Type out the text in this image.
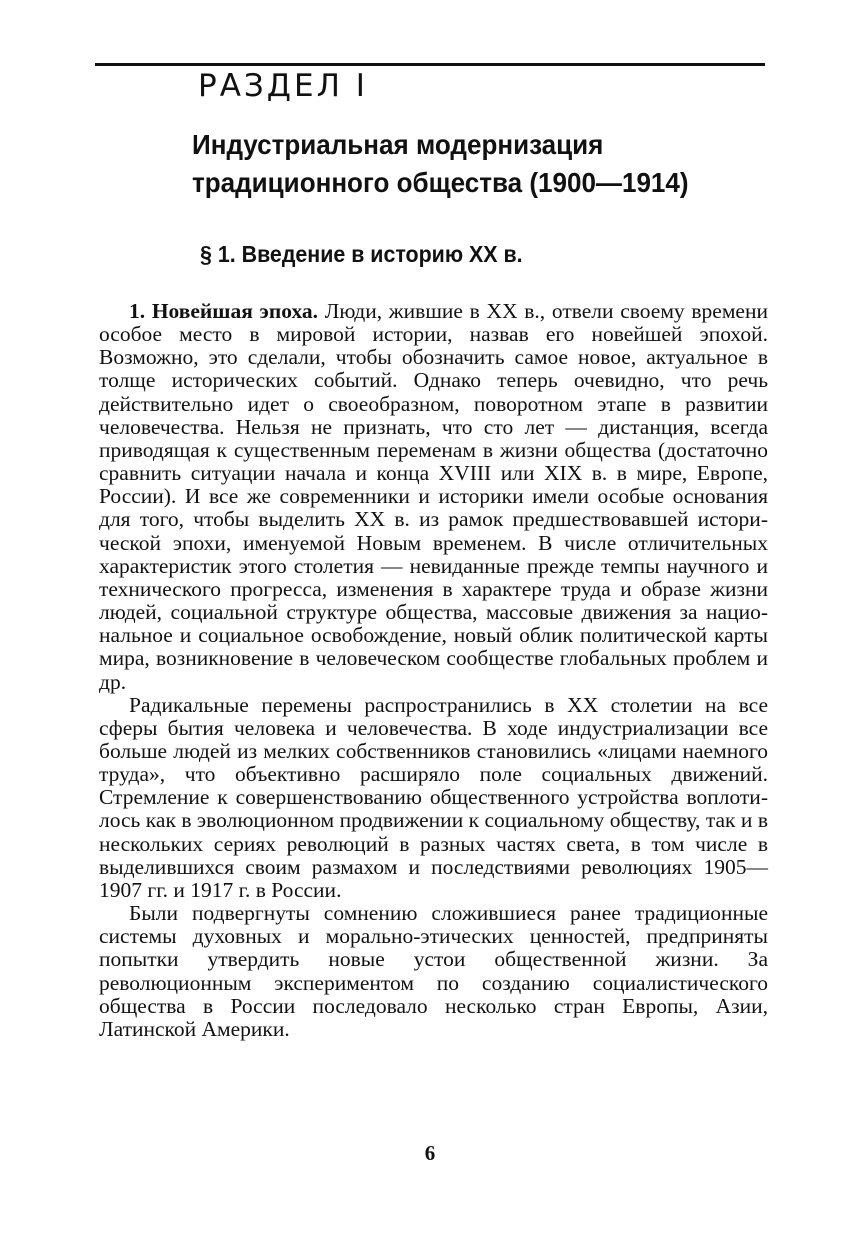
РАЗДЕЛ I
Индустриальная модернизация
традиционного общества (1900—1914)
§ 1. Введение в историю XX в.

1. Новейшая эпоха. Люди, жившие в XX в., отвели своему времени особое место в мировой истории, назвав его новейшей эпохой. Возможно, это сделали, чтобы обозначить самое новое, актуальное в толще исторических событий. Однако теперь очевидно, что речь действительно идет о своеобразном, поворотном этапе в развитии человечества. Нельзя не признать, что сто лет — дистанция, всегда приводящая к существенным переменам в жизни общества (достаточно сравнить ситуации начала и конца XVIII или XIX в. в мире, Европе, России). И все же современники и историки имели особые основания для того, чтобы выделить XX в. из рамок предшествовавшей исторической эпохи, именуемой Новым временем. В числе отличительных характеристик этого столетия — невиданные прежде темпы научного и технического прогресса, изменения в характере труда и образе жизни людей, социальной структуре общества, массовые движения за национальное и социальное освобождение, новый облик политической карты мира, возникновение в человеческом сообществе глобальных проблем и др.

Радикальные перемены распространились в XX столетии на все сферы бытия человека и человечества. В ходе индустриализации все больше людей из мелких собственников становились «лицами наемного труда», что объективно расширяло поле социальных движений. Стремление к совершенствованию общественного устройства воплотилось как в эволюционном продвижении к социальному обществу, так и в нескольких сериях революций в разных частях света, в том числе в выделившихся своим размaхом и последствиями революциях 1905—1907 гг. и 1917 г. в России.

Были подвергнуты сомнению сложившиеся ранее традиционные системы духовных и морально-этических ценностей, предприняты попытки утвердить новые устои общественной жизни. За революционным экспериментом по созданию социалистического общества в России последовало несколько стран Европы, Азии, Латинской Америки.

6
